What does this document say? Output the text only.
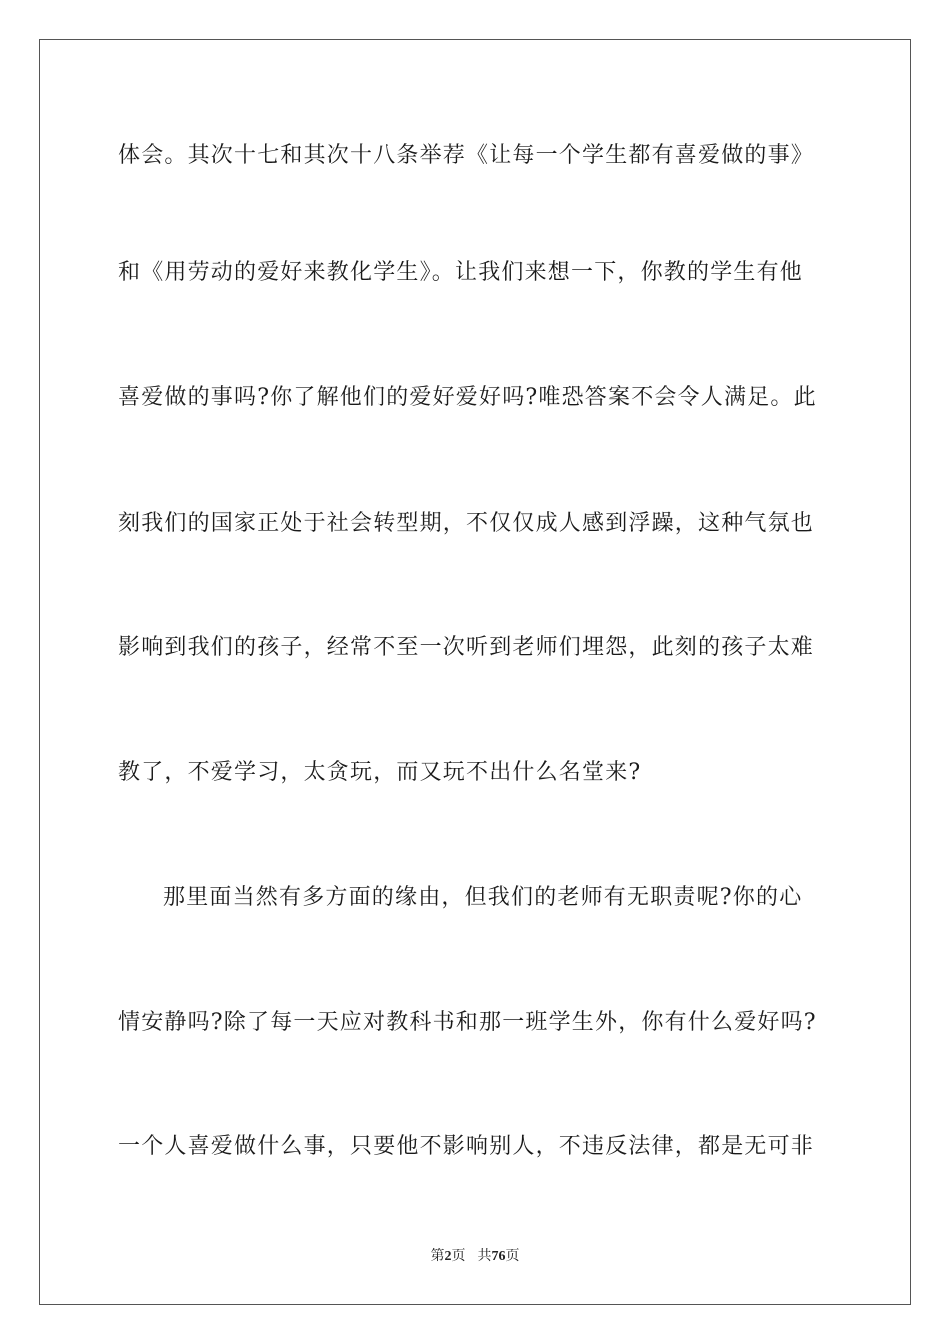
体会。其次十七和其次十八条举荐《让每一个学生都有喜爱做的事》
和《用劳动的爱好来教化学生》。让我们来想一下，你教的学生有他
喜爱做的事吗?你了解他们的爱好爱好吗?唯恐答案不会令人满足。此
刻我们的国家正处于社会转型期，不仅仅成人感到浮躁，这种气氛也
影响到我们的孩子，经常不至一次听到老师们埋怨，此刻的孩子太难
教了，不爱学习，太贪玩，而又玩不出什么名堂来?
那里面当然有多方面的缘由，但我们的老师有无职责呢?你的心
情安静吗?除了每一天应对教科书和那一班学生外，你有什么爱好吗?
一个人喜爱做什么事，只要他不影响别人，不违反法律，都是无可非
第2页 共76页
